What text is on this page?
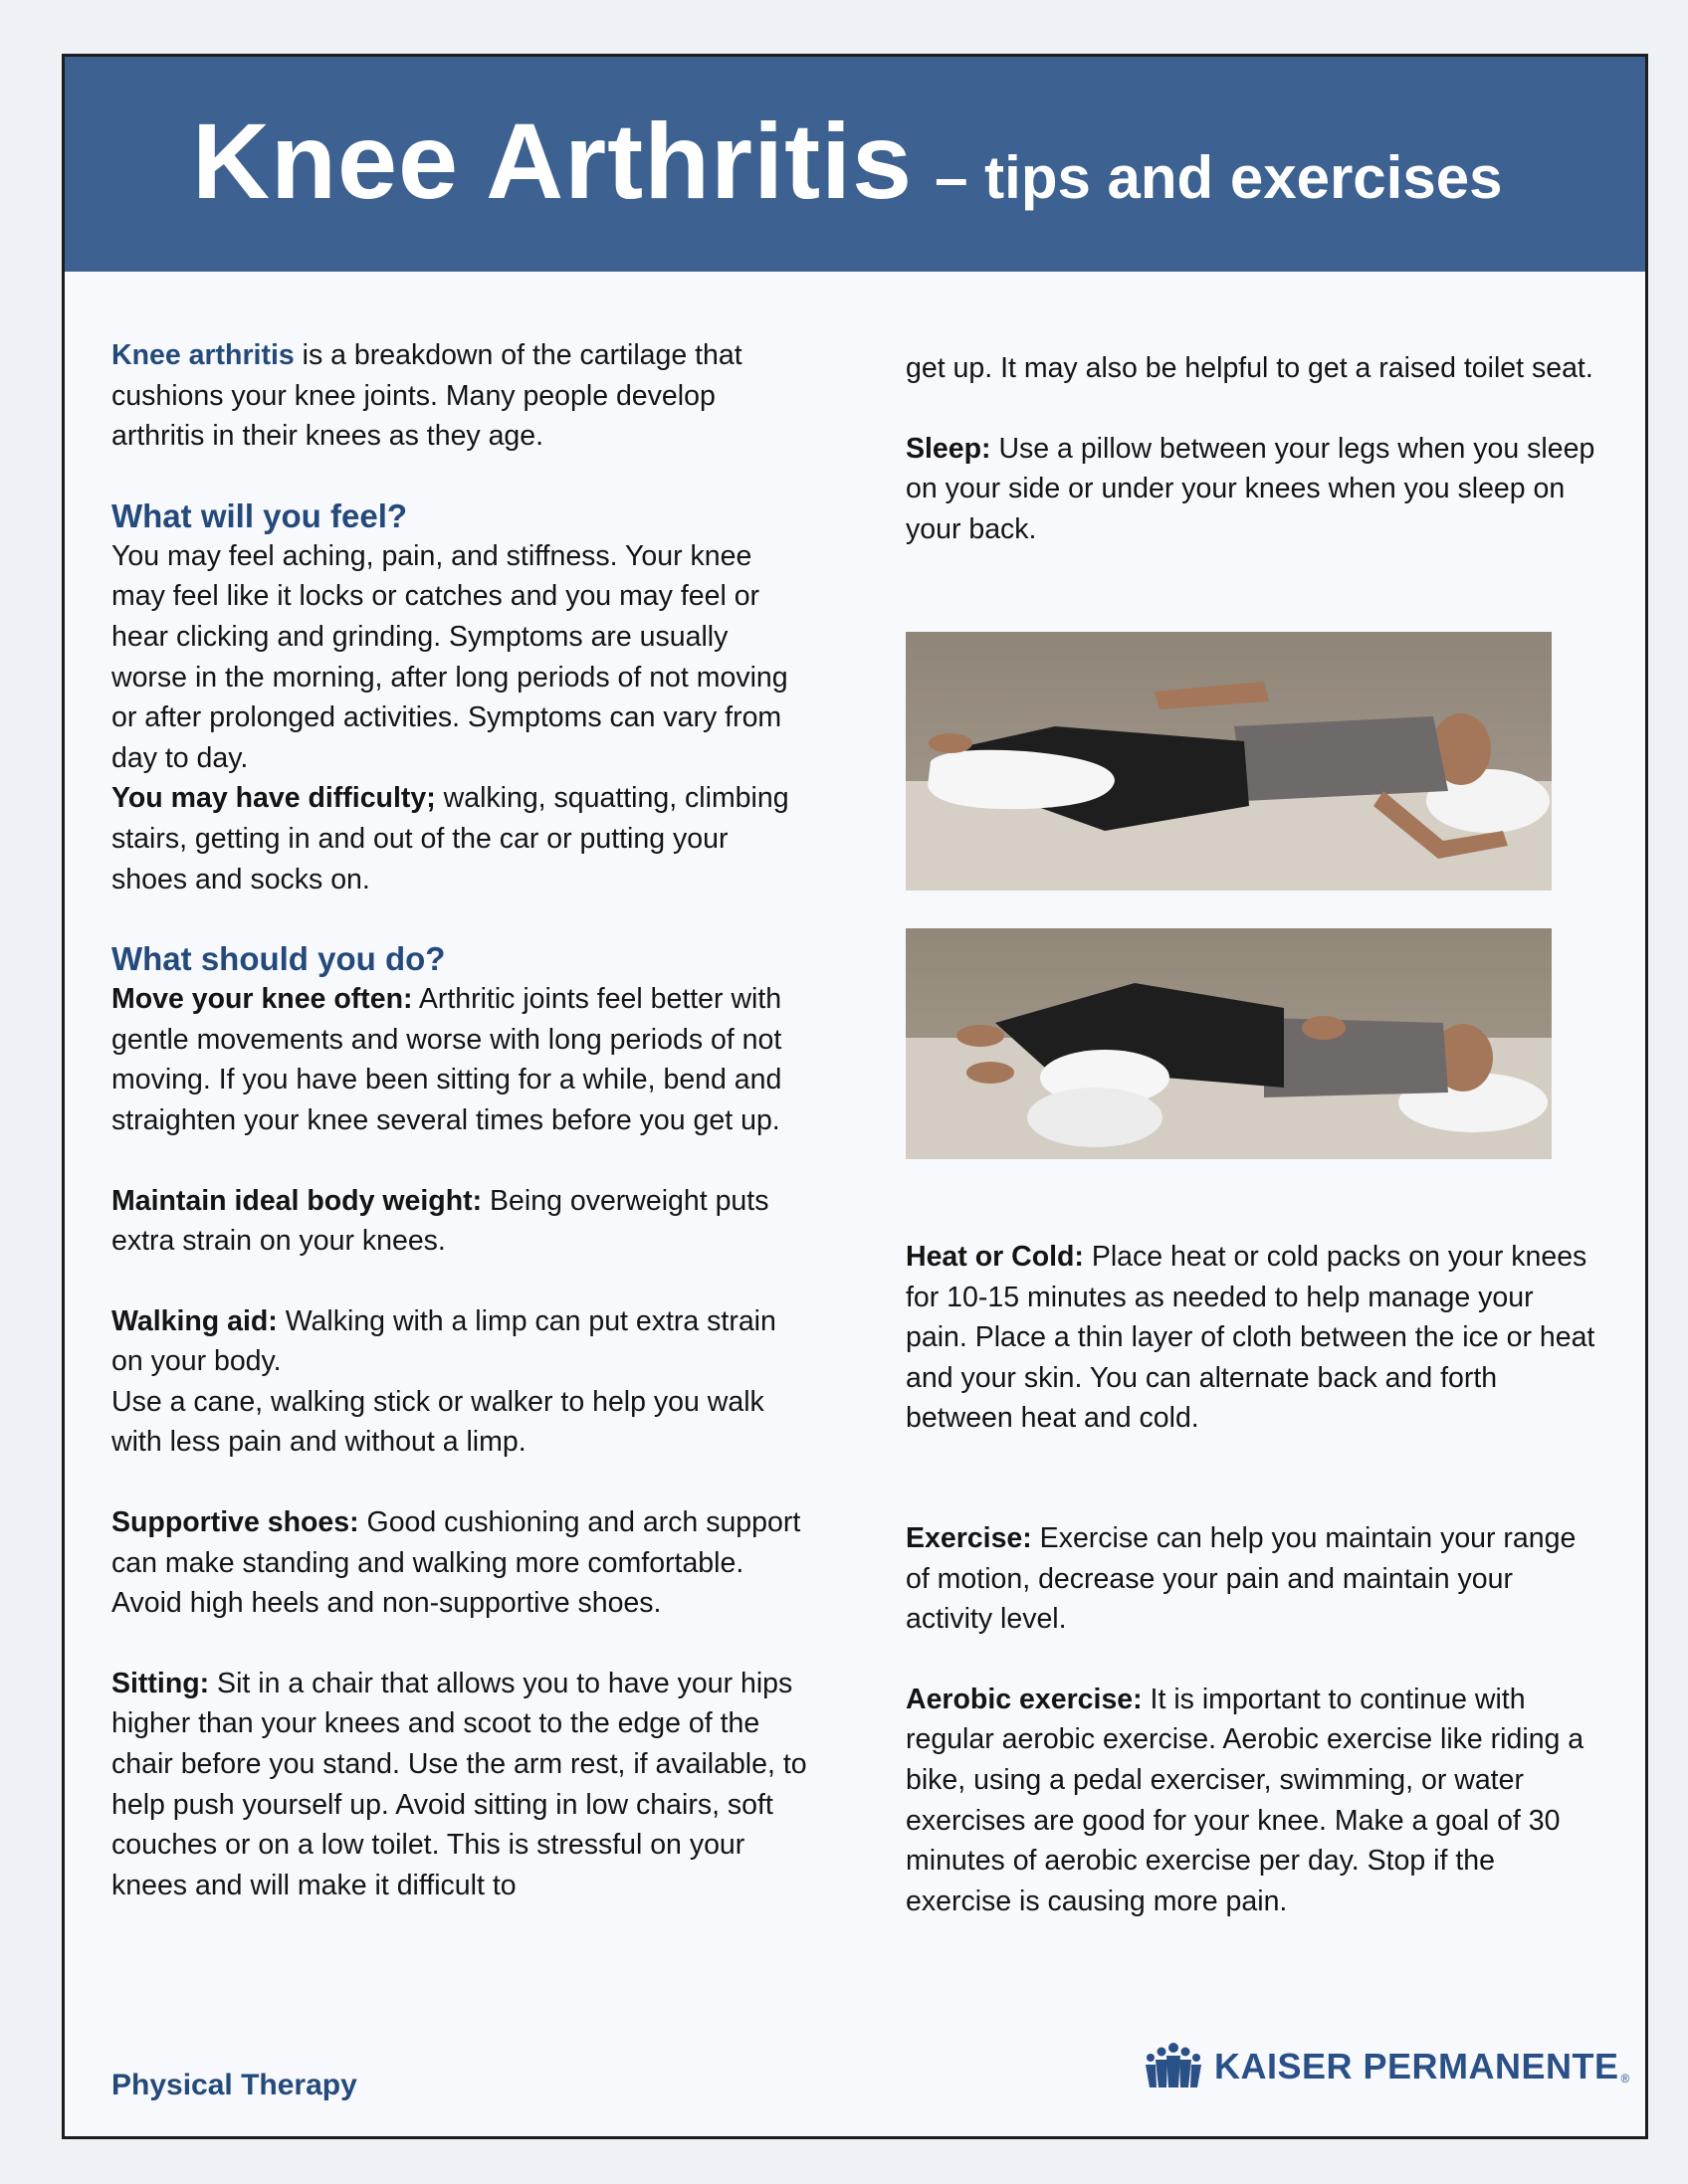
Knee Arthritis – tips and exercises

Knee arthritis is a breakdown of the cartilage that cushions your knee joints. Many people develop arthritis in their knees as they age.

What will you feel?

You may feel aching, pain, and stiffness. Your knee may feel like it locks or catches and you may feel or hear clicking and grinding. Symptoms are usually worse in the morning, after long periods of not moving or after prolonged activities. Symptoms can vary from day to day.

You may have difficulty; walking, squatting, climbing stairs, getting in and out of the car or putting your shoes and socks on.

What should you do?

Move your knee often: Arthritic joints feel better with gentle movements and worse with long periods of not moving. If you have been sitting for a while, bend and straighten your knee several times before you get up.

Maintain ideal body weight: Being overweight puts extra strain on your knees.

Walking aid: Walking with a limp can put extra strain on your body.

Use a cane, walking stick or walker to help you walk with less pain and without a limp.

Supportive shoes: Good cushioning and arch support can make standing and walking more comfortable. Avoid high heels and non-supportive shoes.

Sitting: Sit in a chair that allows you to have your hips higher than your knees and scoot to the edge of the chair before you stand. Use the arm rest, if available, to help push yourself up. Avoid sitting in low chairs, soft couches or on a low toilet. This is stressful on your knees and will make it difficult to

get up. It may also be helpful to get a raised toilet seat.

Sleep: Use a pillow between your legs when you sleep on your side or under your knees when you sleep on your back.

Heat or Cold: Place heat or cold packs on your knees for 10-15 minutes as needed to help manage your pain. Place a thin layer of cloth between the ice or heat and your skin. You can alternate back and forth between heat and cold.

Exercise: Exercise can help you maintain your range of motion, decrease your pain and maintain your activity level.

Aerobic exercise: It is important to continue with regular aerobic exercise. Aerobic exercise like riding a bike, using a pedal exerciser, swimming, or water exercises are good for your knee. Make a goal of 30 minutes of aerobic exercise per day. Stop if the exercise is causing more pain.

Physical Therapy	KAISER PERMANENTE ®
